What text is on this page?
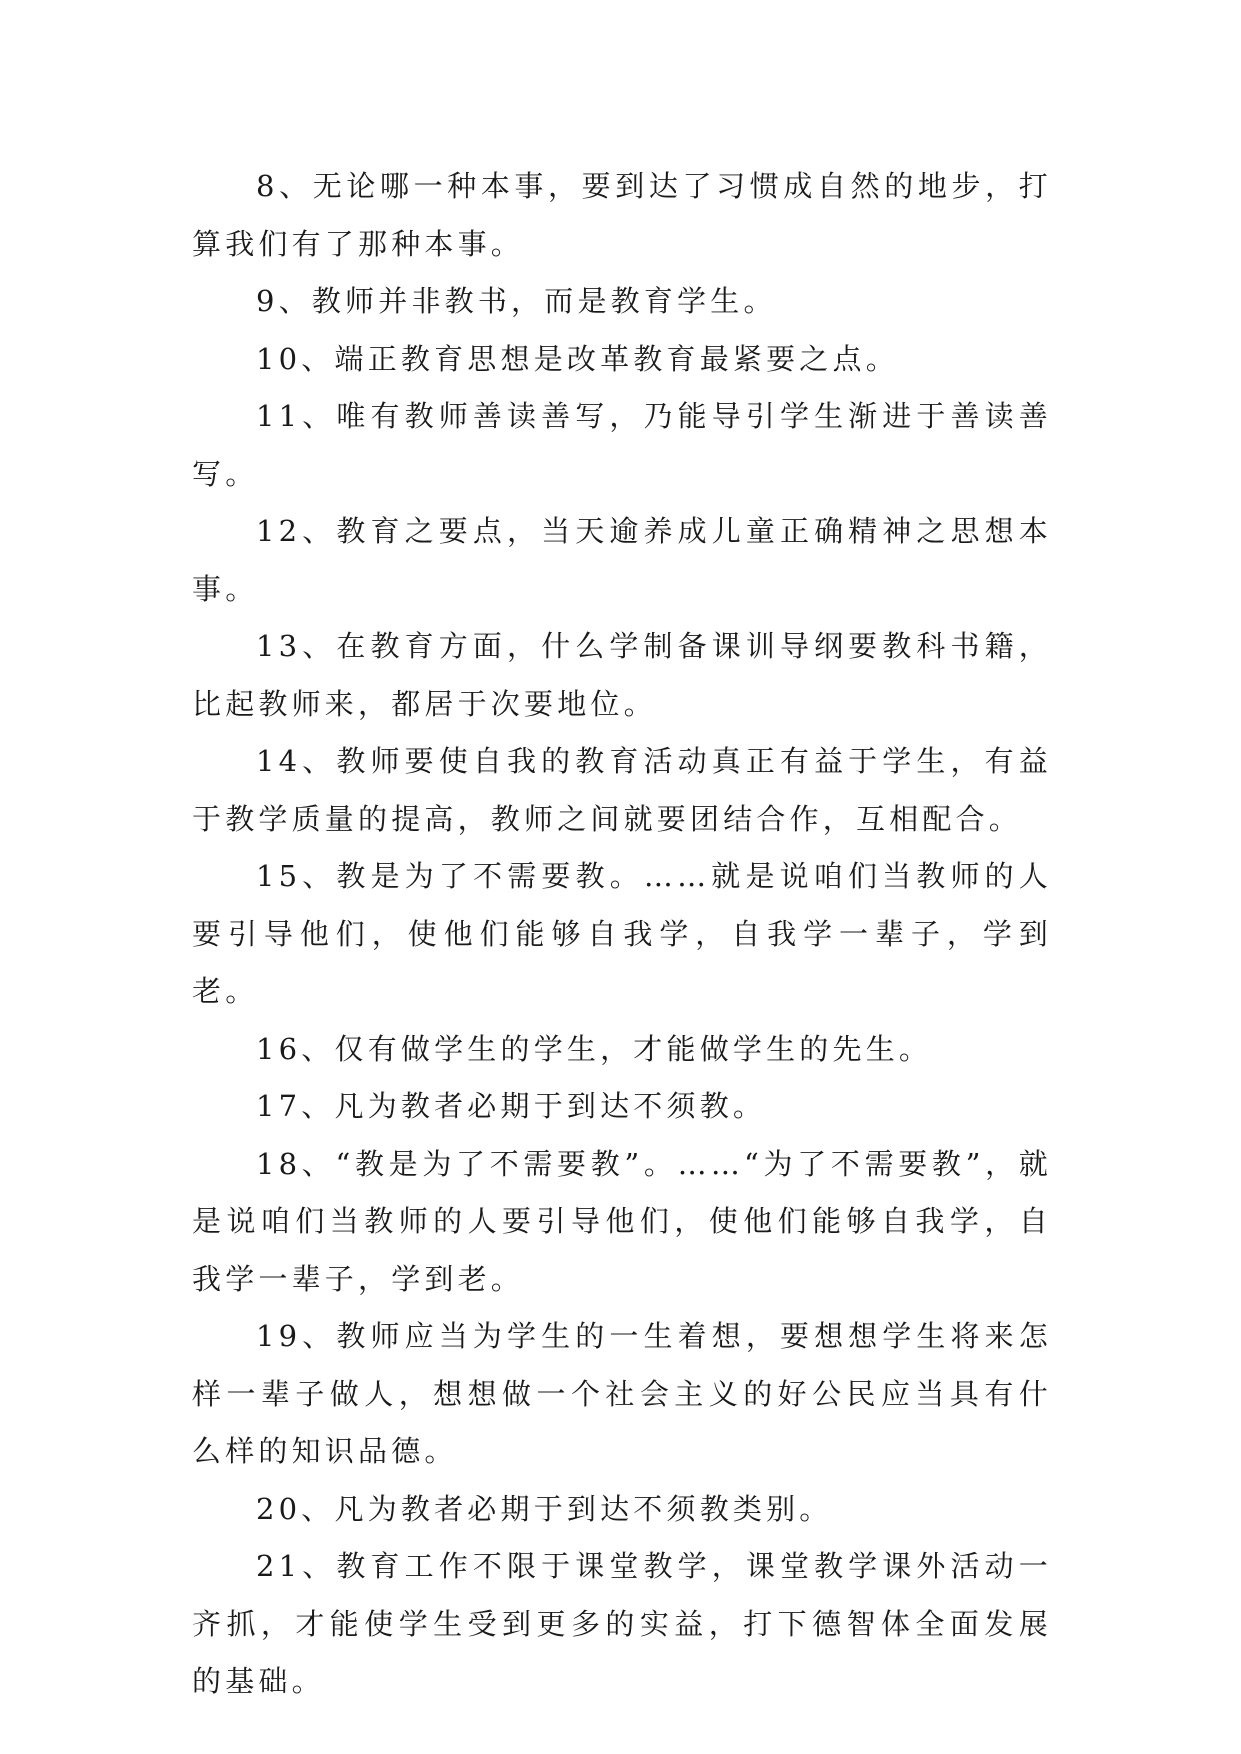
8、无论哪一种本事，要到达了习惯成自然的地步，打算我们有了那种本事。

9、教师并非教书，而是教育学生。

10、端正教育思想是改革教育最紧要之点。

11、唯有教师善读善写，乃能导引学生渐进于善读善写。

12、教育之要点，当天逾养成儿童正确精神之思想本事。

13、在教育方面，什么学制备课训导纲要教科书籍，比起教师来，都居于次要地位。

14、教师要使自我的教育活动真正有益于学生，有益于教学质量的提高，教师之间就要团结合作，互相配合。

15、教是为了不需要教。……就是说咱们当教师的人要引导他们，使他们能够自我学，自我学一辈子，学到老。

16、仅有做学生的学生，才能做学生的先生。

17、凡为教者必期于到达不须教。

18、“教是为了不需要教”。……“为了不需要教”，就是说咱们当教师的人要引导他们，使他们能够自我学，自我学一辈子，学到老。

19、教师应当为学生的一生着想，要想想学生将来怎样一辈子做人，想想做一个社会主义的好公民应当具有什么样的知识品德。

20、凡为教者必期于到达不须教类别。

21、教育工作不限于课堂教学，课堂教学课外活动一齐抓，才能使学生受到更多的实益，打下德智体全面发展的基础。
